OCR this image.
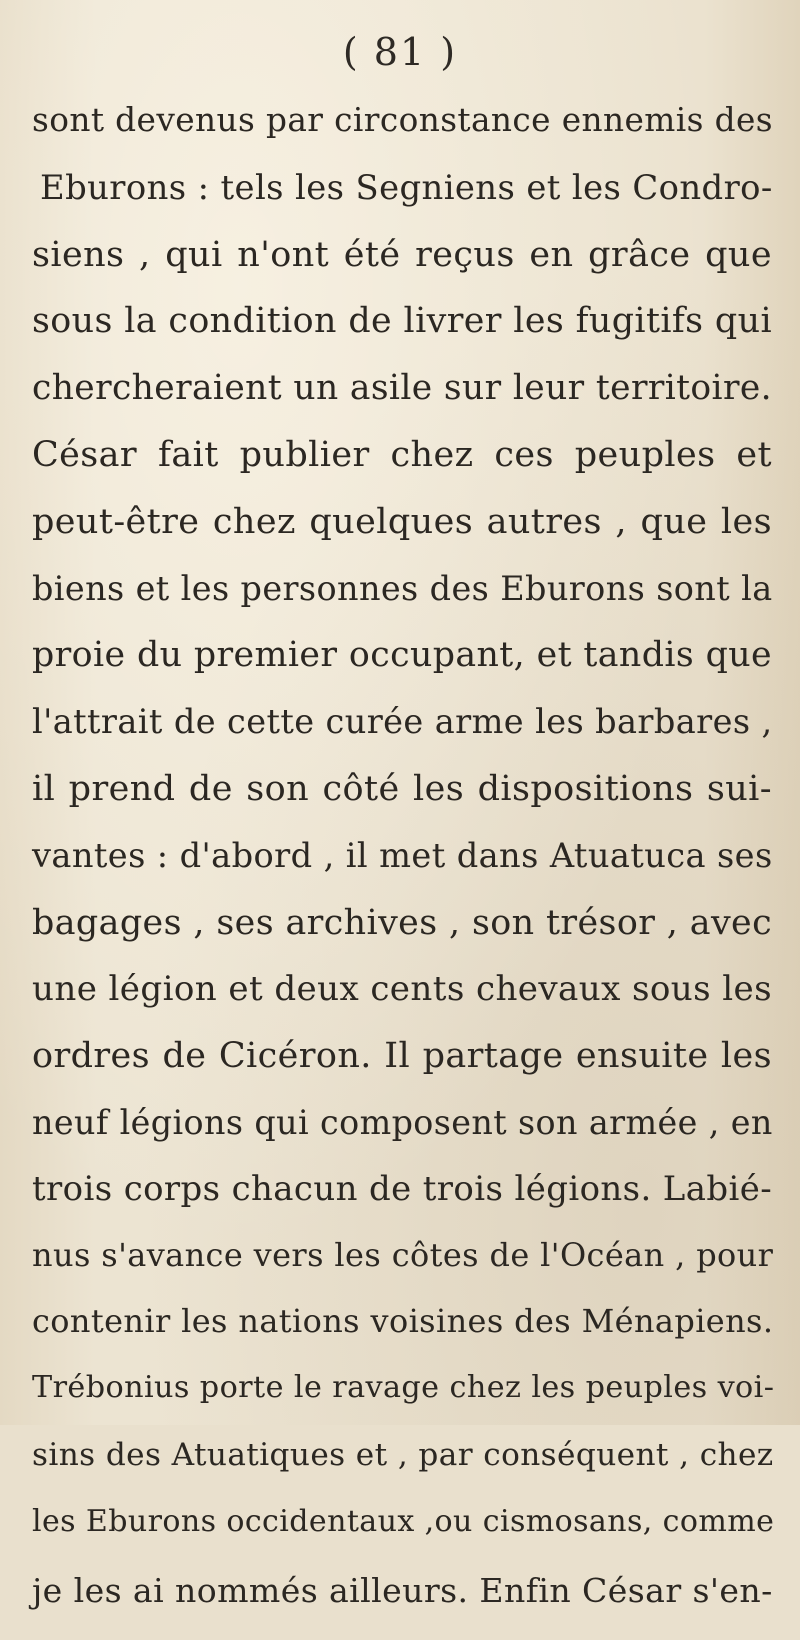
( 81 )
sont devenus par circonstance ennemis des
Eburons : tels les Segniens et les Condro-
siens , qui n'ont été reçus en grâce que
sous la condition de livrer les fugitifs qui
chercheraient un asile sur leur territoire.
César fait publier chez ces peuples et
peut-être chez quelques autres , que les
biens et les personnes des Eburons sont la
proie du premier occupant, et tandis que
l'attrait de cette curée arme les barbares ,
il prend de son côté les dispositions sui-
vantes : d'abord , il met dans Atuatuca ses
bagages , ses archives , son trésor , avec
une légion et deux cents chevaux sous les
ordres de Cicéron. Il partage ensuite les
neuf légions qui composent son armée , en
trois corps chacun de trois légions. Labié-
nus s'avance vers les côtes de l'Océan , pour
contenir les nations voisines des Ménapiens.
Trébonius porte le ravage chez les peuples voi-
sins des Atuatiques et , par conséquent , chez
les Eburons occidentaux ,ou cismosans, comme
je les ai nommés ailleurs. Enfin César s'en-
